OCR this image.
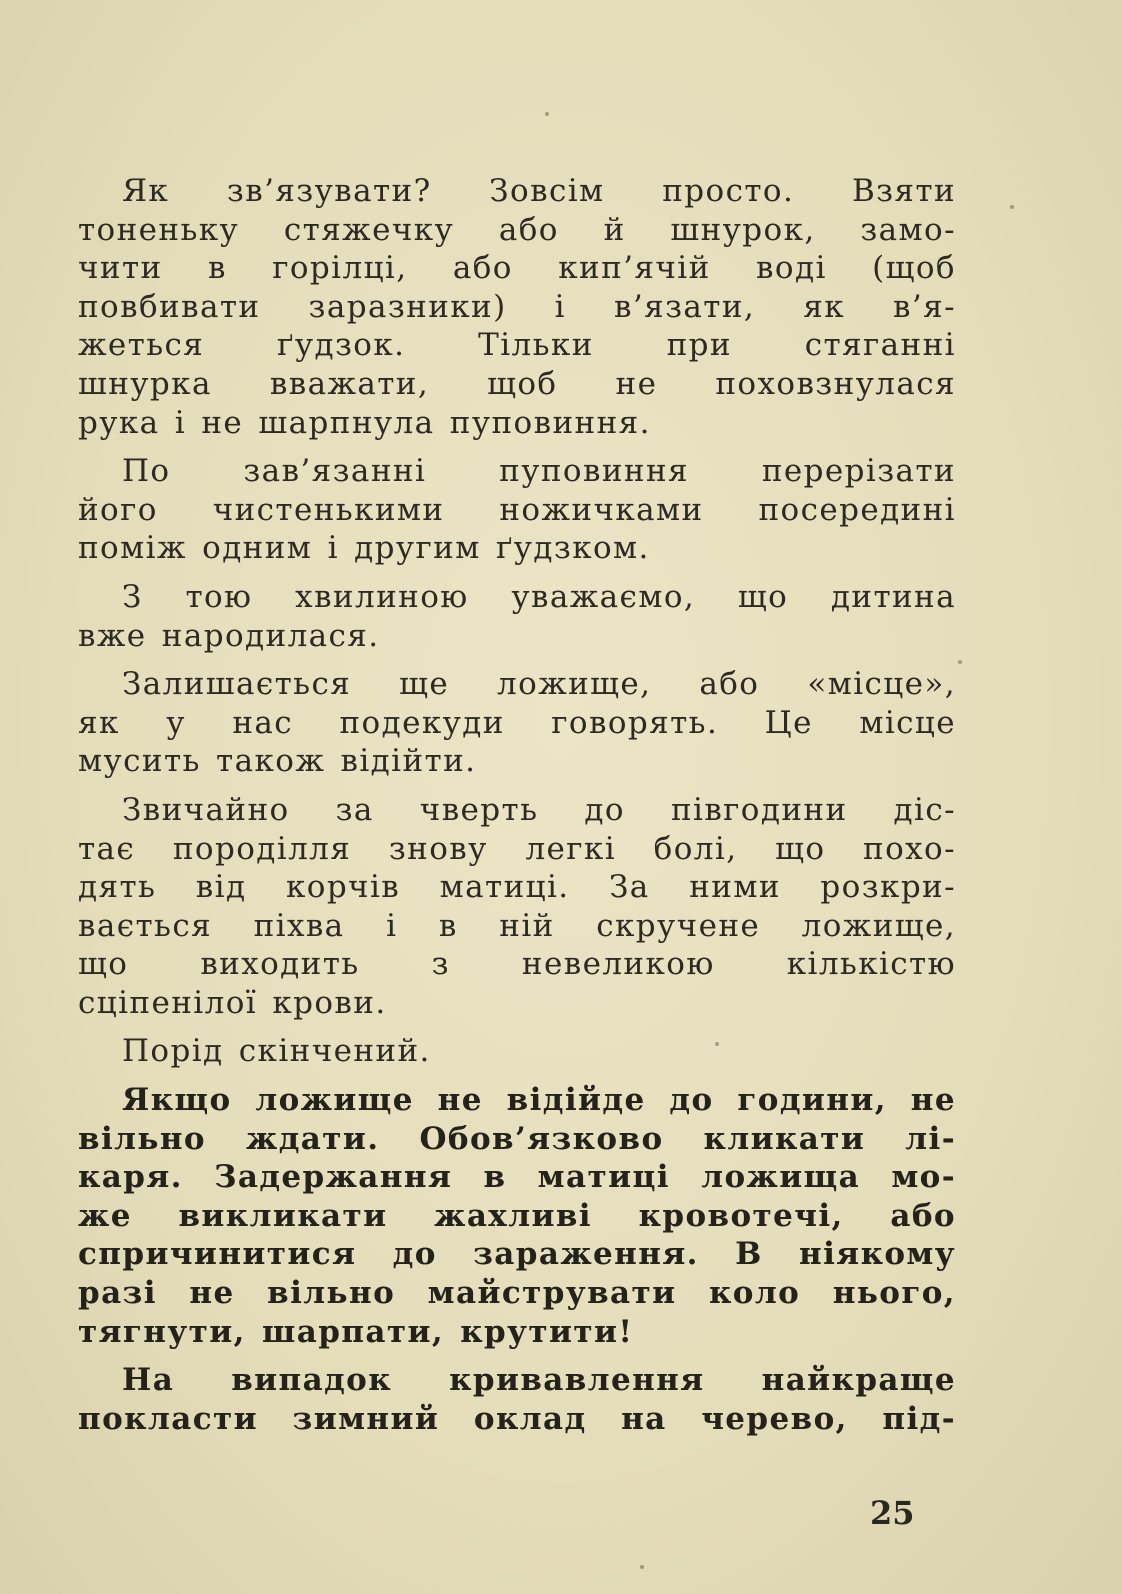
Як зв’язувати? Зовсім просто. Взяти
тоненьку стяжечку або й шнурок, замо-
чити в горілці, або кип’ячій воді (щоб
повбивати заразники) і в’язати, як в’я-
жеться ґудзок. Тільки при стяганні
шнурка вважати, щоб не поховзнулася
рука і не шарпнула пуповиння.
По зав’язанні пуповиння перерізати
його чистенькими ножичками посередині
поміж одним і другим ґудзком.
З тою хвилиною уважаємо, що дитина
вже народилася.
Залишається ще ложище, або «місце»,
як у нас подекуди говорять. Це місце
мусить також відійти.
Звичайно за чверть до півгодини діс-
тає породілля знову легкі болі, що похо-
дять від корчів матиці. За ними розкри-
вається піхва і в ній скручене ложище,
що виходить з невеликою кількістю
сціпенілої крови.
Порід скінчений.
Якщо ложище не відійде до години, не
вільно ждати. Обов’язково кликати лі-
каря. Задержання в матиці ложища мо-
же викликати жахливі кровотечі, або
спричинитися до зараження. В ніякому
разі не вільно майструвати коло нього,
тягнути, шарпати, крутити!
На випадок кривавлення найкраще
покласти зимний оклад на черево, під-
25
